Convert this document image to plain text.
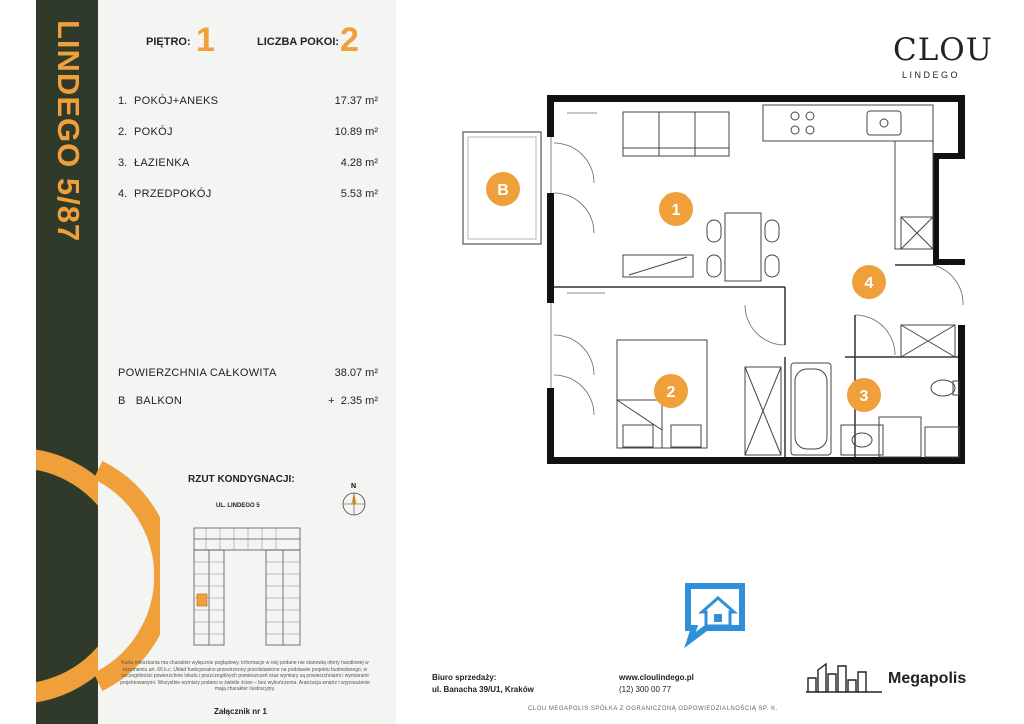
LINDEGO 5/87	PIĘTRO: 1	LICZBA POKOI: 2
1. POKÓJ+ANEKS	17.37 m²
2. POKÓJ	10.89 m²
3. ŁAZIENKA	4.28 m²
4. PRZEDPOKÓJ	5.53 m²
POWIERZCHNIA CAŁKOWITA	38.07 m²
B   BALKON	+  2.35 m²
RZUT KONDYGNACJI:
UL. LINDEGO 5
N
Karta mieszkania ma charakter wyłącznie poglądowy. Informacje w niej podane nie stanowią oferty handlowej w rozumieniu art. 66 k.c. Układ funkcjonalno-przestrzenny przedstawiono na podstawie projektu budowlanego, w szczególności powierzchnie lokalu i poszczególnych pomieszczeń oraz wymiary są powierzchniami i wymiarami projektowanymi. Wszystkie wymiary podano w świetle ścian – bez wykończenia. Aranżacja wnętrz i wyposażenie mają charakter ilustracyjny.
Załącznik nr 1
B
1
4
2	3
CLOU
LINDEGO
Biuro sprzedaży:
ul. Banacha 39/U1, Kraków
www.cloulindego.pl
(12) 300 00 77
Megapolis
CLOU MEGAPOLIS SPÓŁKA Z OGRANICZONĄ ODPOWIEDZIALNOŚCIĄ SP. K.
